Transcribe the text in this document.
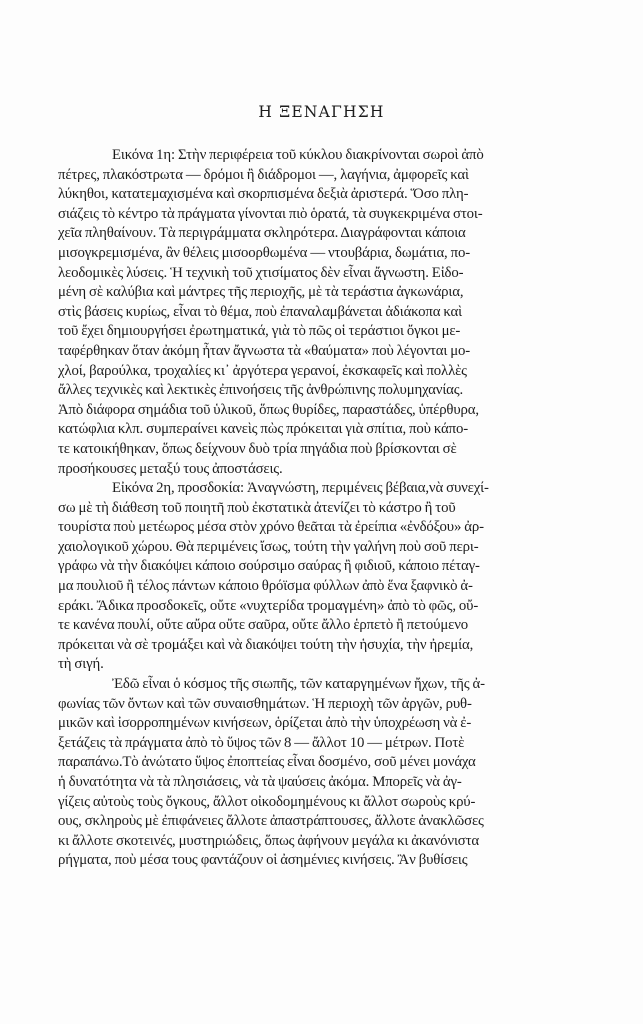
Η ΞΕΝΑΓΗΣΗ
Εικόνα 1η: Στὴν περιφέρεια τοῦ κύκλου διακρίνονται σωροὶ ἀπὸ
πέτρες, πλακόστρωτα — δρόμοι ἢ διάδρομοι —, λαγήνια, ἀμφορεῖς καὶ
λύκηθοι, κατατεμαχισμένα καὶ σκορπισμένα δεξιὰ ἀριστερά. Ὅσο πλη-
σιάζεις τὸ κέντρο τὰ πράγματα γίνονται πιὸ ὁρατά, τὰ συγκεκριμένα στοι-
χεῖα πληθαίνουν. Τὰ περιγράμματα σκληρότερα. Διαγράφονται κάποια
μισογκρεμισμένα, ἂν θέλεις μισοορθωμένα — ντουβάρια, δωμάτια, πο-
λεοδομικὲς λύσεις. Ἡ τεχνικὴ τοῦ χτισίματος δὲν εἶναι ἄγνωστη. Εἰδο-
μένη σὲ καλύβια καὶ μάντρες τῆς περιοχῆς, μὲ τὰ τεράστια ἀγκωνάρια,
στὶς βάσεις κυρίως, εἶναι τὸ θέμα, ποὺ ἐπαναλαμβάνεται ἀδιάκοπα καὶ
τοῦ ἔχει δημιουργήσει ἐρωτηματικά, γιὰ τὸ πῶς οἱ τεράστιοι ὄγκοι με-
ταφέρθηκαν ὅταν ἀκόμη ἦταν ἄγνωστα τὰ «θαύματα» ποὺ λέγονται μο-
χλοί, βαρούλκα, τροχαλίες κι᾽ ἀργότερα γερανοί, ἐκσκαφεῖς καὶ πολλὲς
ἄλλες τεχνικὲς καὶ λεκτικὲς ἐπινοήσεις τῆς ἀνθρώπινης πολυμηχανίας.
Ἀπὸ διάφορα σημάδια τοῦ ὑλικοῦ, ὅπως θυρίδες, παραστάδες, ὑπέρθυρα,
κατώφλια κλπ. συμπεραίνει κανεὶς πὼς πρόκειται γιὰ σπίτια, ποὺ κάπο-
τε κατοικήθηκαν, ὅπως δείχνουν δυὸ τρία πηγάδια ποὺ βρίσκονται σὲ
προσήκουσες μεταξύ τους ἀποστάσεις.
Εἰκόνα 2η, προσδοκία: Ἀναγνώστη, περιμένεις βέβαια,νὰ συνεχί-
σω μὲ τὴ διάθεση τοῦ ποιητῆ ποὺ ἐκστατικὰ ἀτενίζει τὸ κάστρο ἢ τοῦ
τουρίστα ποὺ μετέωρος μέσα στὸν χρόνο θεᾶται τὰ ἐρείπια «ἐνδόξου» ἀρ-
χαιολογικοῦ χώρου. Θὰ περιμένεις ἴσως, τούτη τὴν γαλήνη ποὺ σοῦ περι-
γράφω νὰ τὴν διακόψει κάποιο σούρσιμο σαύρας ἢ φιδιοῦ, κάποιο πέταγ-
μα πουλιοῦ ἢ τέλος πάντων κάποιο θρόϊσμα φύλλων ἀπὸ ἕνα ξαφνικὸ ἀ-
εράκι. Ἄδικα προσδοκεῖς, οὔτε «νυχτερίδα τρομαγμένη» ἀπὸ τὸ φῶς, οὔ-
τε κανένα πουλί, οὔτε αὔρα οὔτε σαῦρα, οὔτε ἄλλο ἑρπετὸ ἢ πετούμενο
πρόκειται νὰ σὲ τρομάξει καὶ νὰ διακόψει τούτη τὴν ἡσυχία, τὴν ἠρεμία,
τὴ σιγή.
Ἐδῶ εἶναι ὁ κόσμος τῆς σιωπῆς, τῶν καταργημένων ἤχων, τῆς ἀ-
φωνίας τῶν ὄντων καὶ τῶν συναισθημάτων. Ἡ περιοχὴ τῶν ἀργῶν, ρυθ-
μικῶν καὶ ἰσορροπημένων κινήσεων, ὁρίζεται ἀπὸ τὴν ὑποχρέωση νὰ ἐ-
ξετάζεις τὰ πράγματα ἀπὸ τὸ ὕψος τῶν 8 — ἄλλοτ 10 — μέτρων. Ποτὲ
παραπάνω.Τὸ ἀνώτατο ὕψος ἐποπτείας εἶναι δοσμένο, σοῦ μένει μονάχα
ἡ δυνατότητα νὰ τὰ πλησιάσεις, νὰ τὰ ψαύσεις ἀκόμα. Μπορεῖς νὰ ἀγ-
γίζεις αὐτοὺς τοὺς ὄγκους, ἄλλοτ οἰκοδομημένους κι ἄλλοτ σωροὺς κρύ-
ους, σκληροὺς μὲ ἐπιφάνειες ἄλλοτε ἀπαστράπτουσες, ἄλλοτε ἀνακλῶσες
κι ἄλλοτε σκοτεινές, μυστηριώδεις, ὅπως ἀφήνουν μεγάλα κι ἀκανόνιστα
ρήγματα, ποὺ μέσα τους φαντάζουν οἱ ἀσημένιες κινήσεις. Ἂν βυθίσεις
